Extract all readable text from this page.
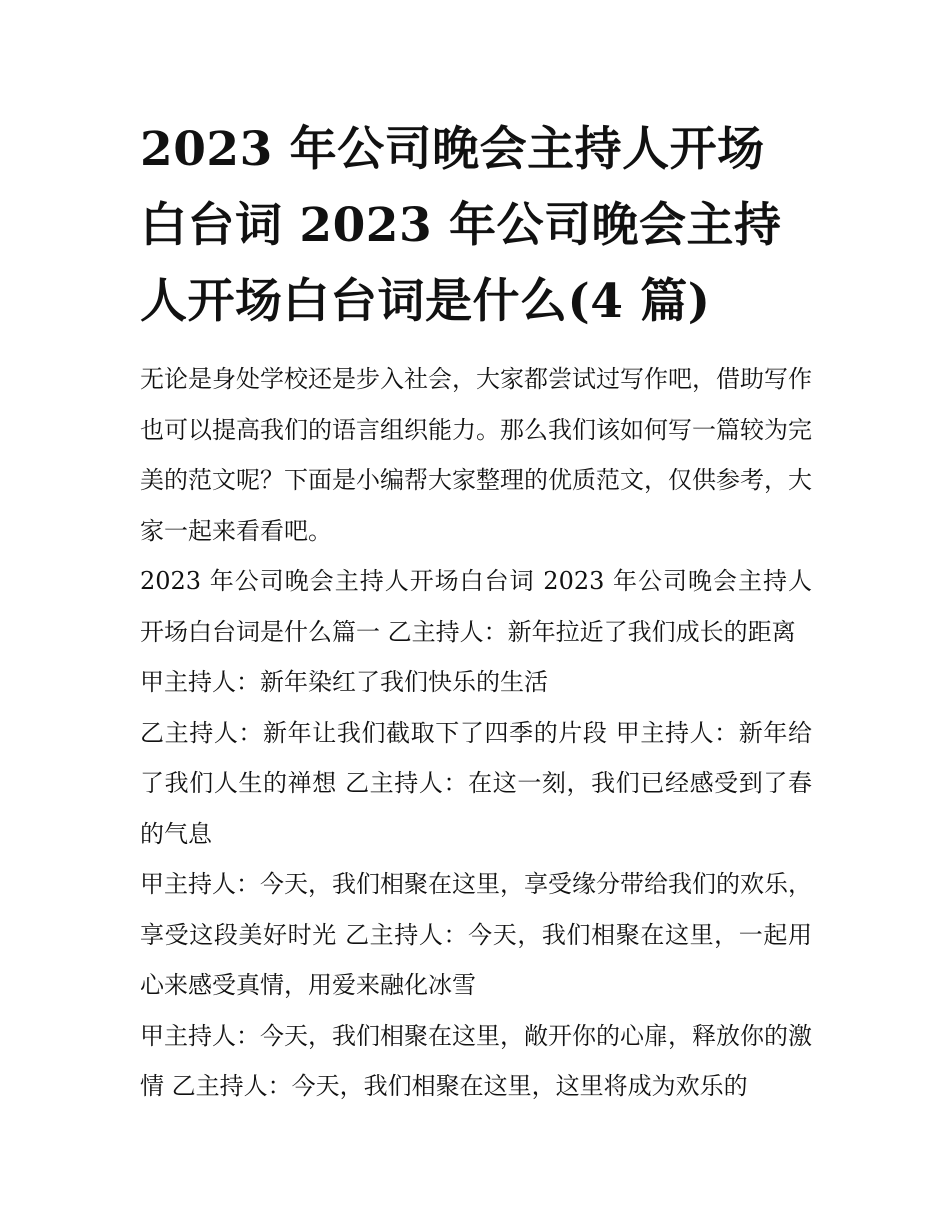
2023 年公司晚会主持人开场白台词 2023 年公司晚会主持人开场白台词是什么(4 篇)

无论是身处学校还是步入社会，大家都尝试过写作吧，借助写作也可以提高我们的语言组织能力。那么我们该如何写一篇较为完美的范文呢？下面是小编帮大家整理的优质范文，仅供参考，大家一起来看看吧。

2023 年公司晚会主持人开场白台词 2023 年公司晚会主持人开场白台词是什么篇一 乙主持人：新年拉近了我们成长的距离

甲主持人：新年染红了我们快乐的生活

乙主持人：新年让我们截取下了四季的片段 甲主持人：新年给了我们人生的禅想 乙主持人：在这一刻，我们已经感受到了春的气息

甲主持人：今天，我们相聚在这里，享受缘分带给我们的欢乐，享受这段美好时光 乙主持人：今天，我们相聚在这里，一起用心来感受真情，用爱来融化冰雪

甲主持人：今天，我们相聚在这里，敞开你的心扉，释放你的激情 乙主持人：今天，我们相聚在这里，这里将成为欢乐的
